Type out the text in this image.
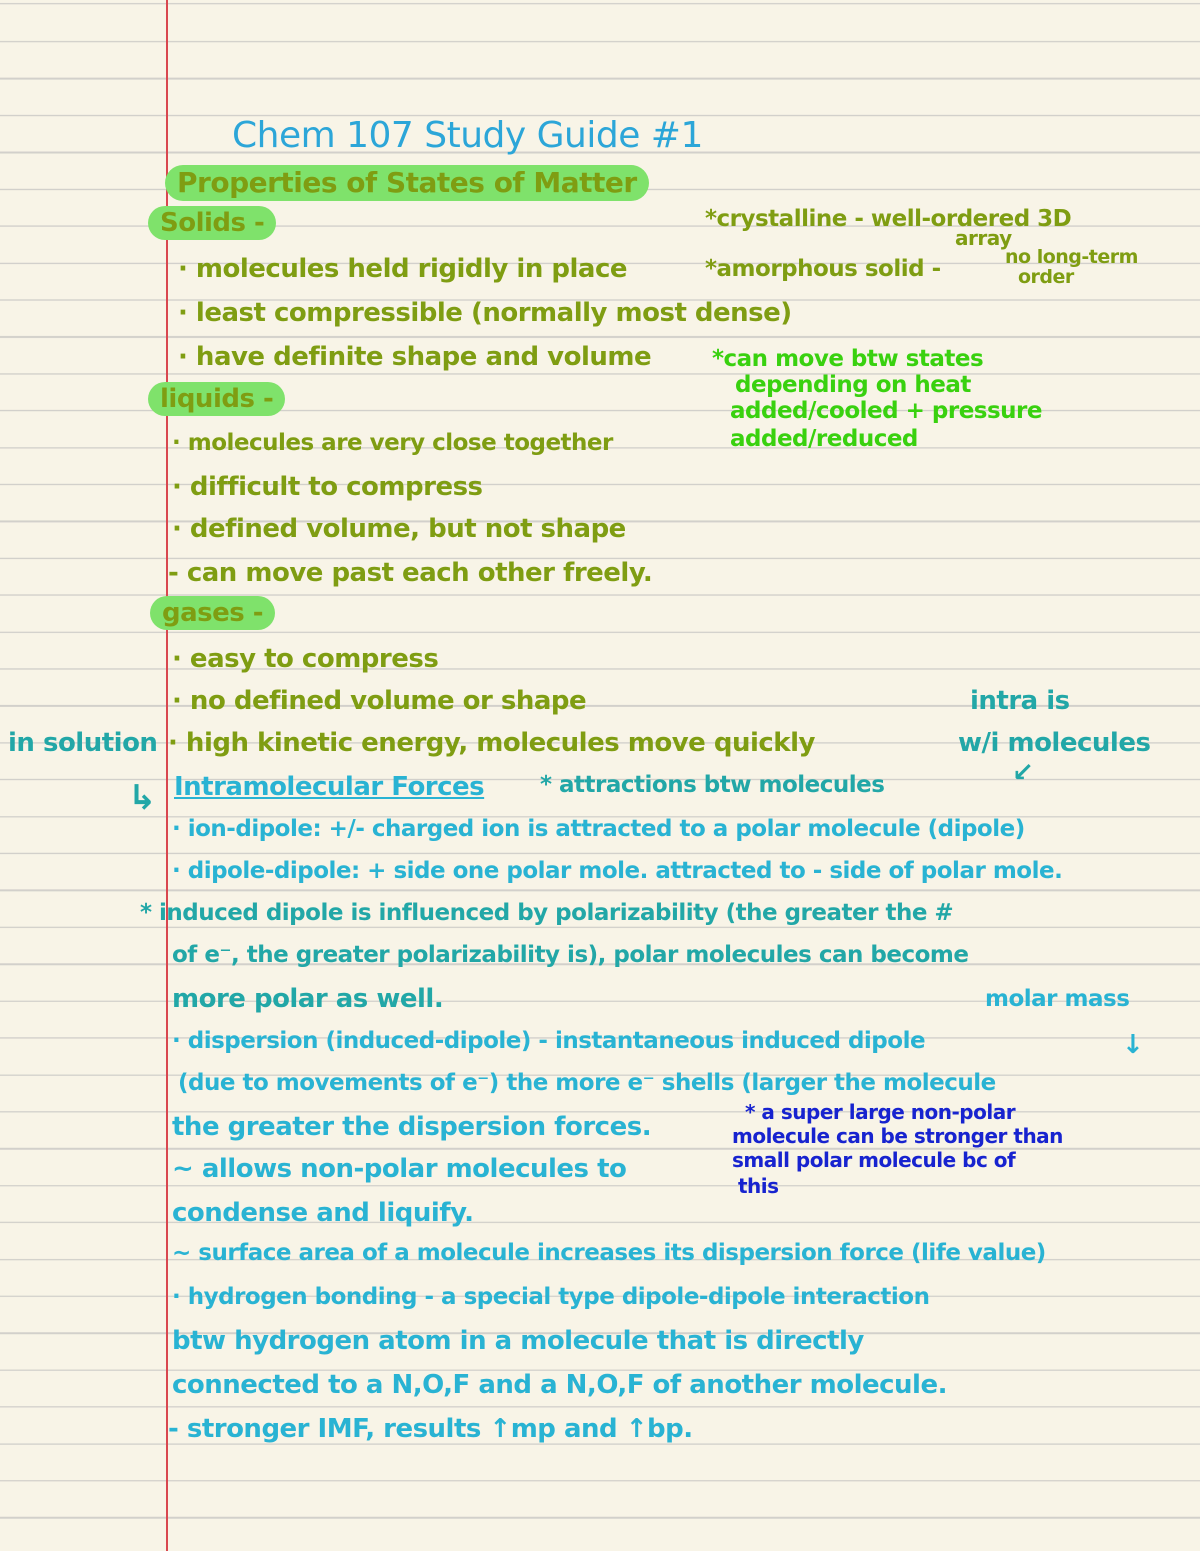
Chem 107 Study Guide #1
Properties of States of Matter
Solids -
· molecules held rigidly in place
· least compressible (normally most dense)
· have definite shape and volume
*crystalline - well-ordered 3D
array
*amorphous solid -	no long-term
order
*can move btw states
depending on heat
added/cooled + pressure
added/reduced
liquids -
· molecules are very close together
· difficult to compress
· defined volume, but not shape
- can move past each other freely.
gases -
· easy to compress
· no defined volume or shape
· high kinetic energy, molecules move quickly
intra is
w/i molecules
↙
in solution
↳ Intramolecular Forces * attractions btw molecules
· ion-dipole: +/- charged ion is attracted to a polar molecule (dipole)
· dipole-dipole: + side one polar mole. attracted to - side of polar mole.
* induced dipole is influenced by polarizability (the greater the #
of e⁻, the greater polarizability is), polar molecules can become
more polar as well.	molar mass
↓
· dispersion (induced-dipole) - instantaneous induced dipole
(due to movements of e⁻) the more e⁻ shells (larger the molecule
the greater the dispersion forces.
~ allows non-polar molecules to
condense and liquify.
* a super large non-polar
molecule can be stronger than
small polar molecule bc of
this
~ surface area of a molecule increases its dispersion force (life value)
· hydrogen bonding - a special type dipole-dipole interaction
btw hydrogen atom in a molecule that is directly
connected to a N,O,F and a N,O,F of another molecule.
- stronger IMF, results ↑mp and ↑bp.
